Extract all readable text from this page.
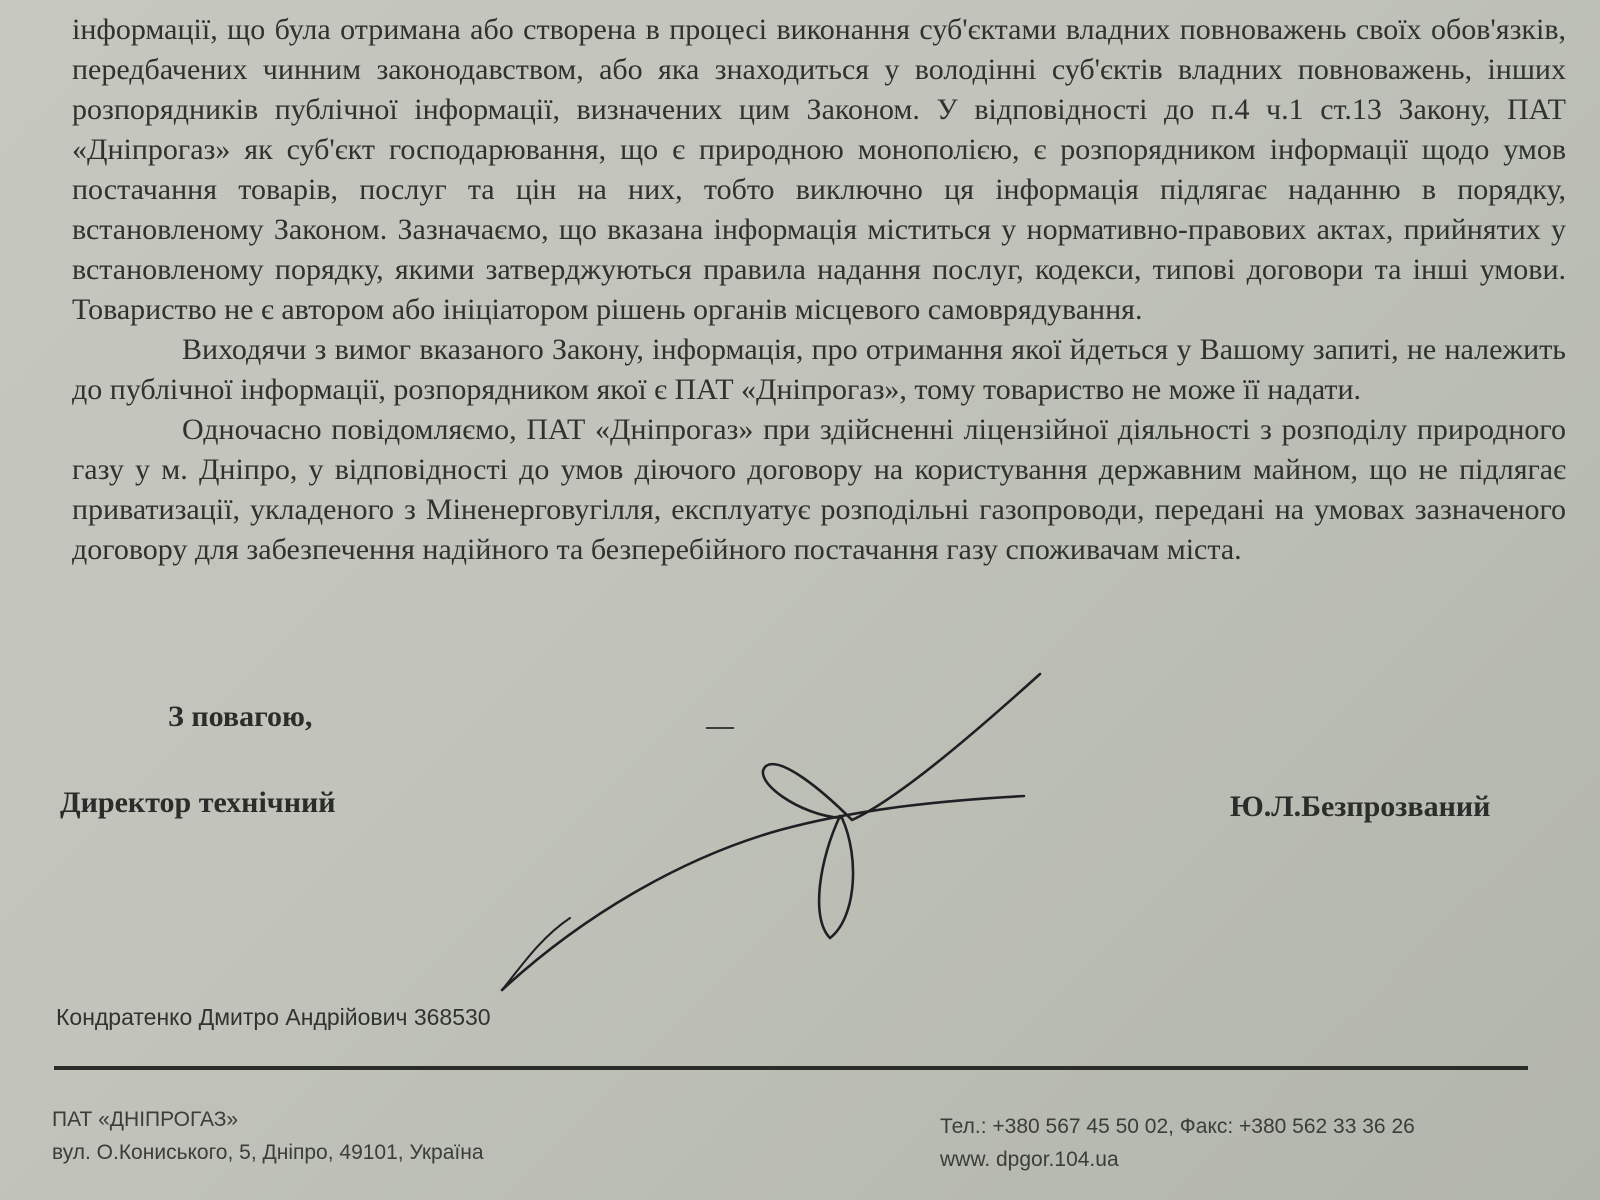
інформації, що була отримана або створена в процесі виконання суб'єктами владних повноважень своїх обов'язків, передбачених чинним законодавством, або яка знаходиться у володінні суб'єктів владних повноважень, інших розпорядників публічної інформації, визначених цим Законом. У відповідності до п.4 ч.1 ст.13 Закону, ПАТ «Дніпрогаз» як суб'єкт господарювання, що є природною монополією, є розпорядником інформації щодо умов постачання товарів, послуг та цін на них, тобто виключно ця інформація підлягає наданню в порядку, встановленому Законом. Зазначаємо, що вказана інформація міститься у нормативно-правових актах, прийнятих у встановленому порядку, якими затверджуються правила надання послуг, кодекси, типові договори та інші умови. Товариство не є автором або ініціатором рішень органів місцевого самоврядування.

Виходячи з вимог вказаного Закону, інформація, про отримання якої йдеться у Вашому запиті, не належить до публічної інформації, розпорядником якої є ПАТ «Дніпрогаз», тому товариство не може її надати.

Одночасно повідомляємо, ПАТ «Дніпрогаз» при здійсненні ліцензійної діяльності з розподілу природного газу у м. Дніпро, у відповідності до умов діючого договору на користування державним майном, що не підлягає приватизації, укладеного з Міненерговугілля, експлуатує розподільні газопроводи, передані на умовах зазначеного договору для забезпечення надійного та безперебійного постачання газу споживачам міста.

З повагою,
Директор технічний	Ю.Л.Безпрозваний
Кондратенко Дмитро Андрійович 368530
ПАТ «ДНІПРОГАЗ»
вул. О.Кониського, 5, Дніпро, 49101, Україна
Тел.: +380 567 45 50 02, Факс: +380 562 33 36 26
www. dpgor.104.ua
